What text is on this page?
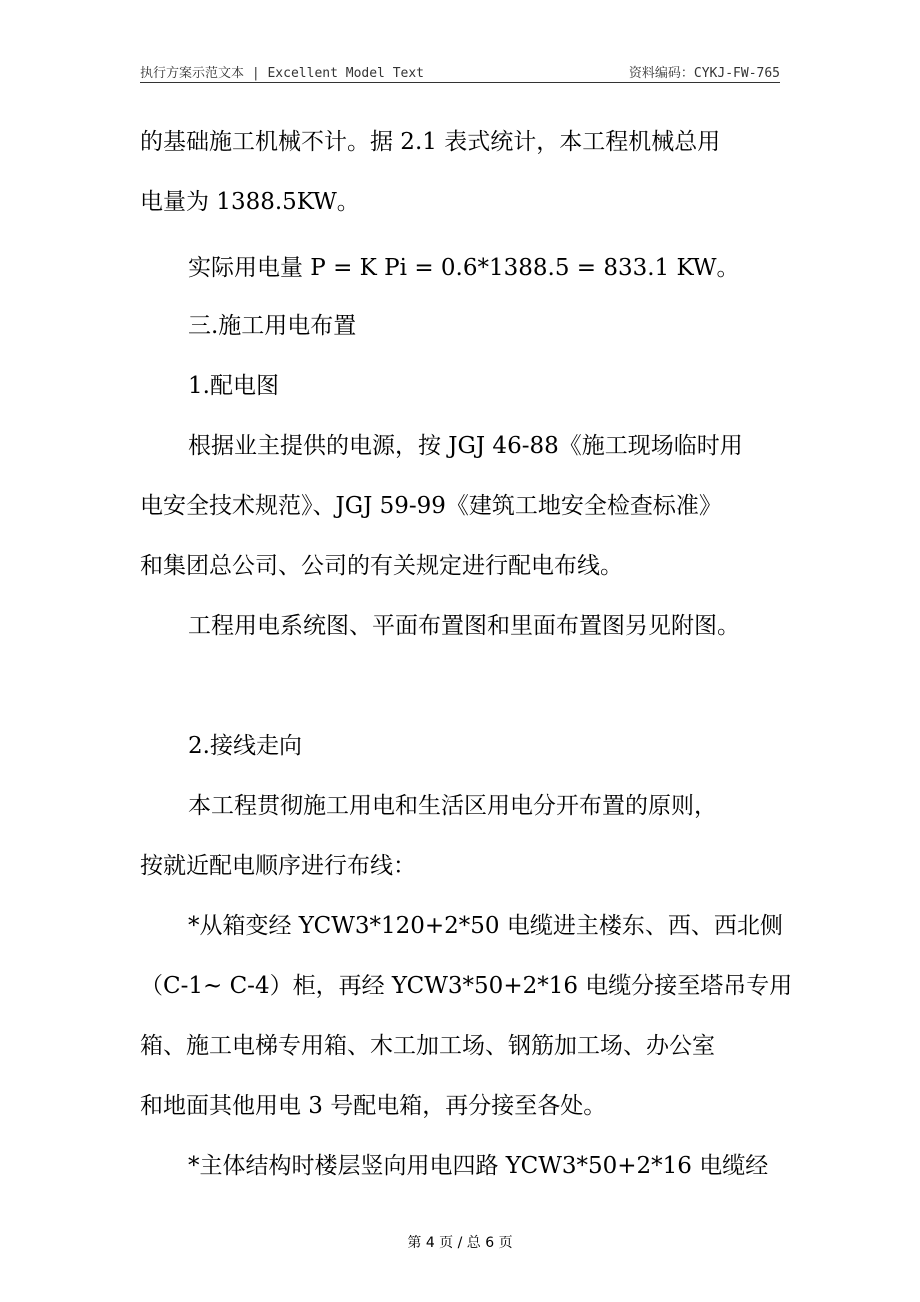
执行方案示范文本 | Excellent Model Text	资料编码：CYKJ-FW-765
的基础施工机械不计。据 2.1 表式统计，本工程机械总用
电量为 1388.5KW。
实际用电量 P = K Pi = 0.6*1388.5 = 833.1 KW。
三.施工用电布置
1.配电图
根据业主提供的电源，按 JGJ 46-88《施工现场临时用
电安全技术规范》、JGJ 59-99《建筑工地安全检查标准》
和集团总公司、公司的有关规定进行配电布线。
工程用电系统图、平面布置图和里面布置图另见附图。
2.接线走向
本工程贯彻施工用电和生活区用电分开布置的原则，
按就近配电顺序进行布线：
*从箱变经 YCW3*120+2*50 电缆进主楼东、西、西北侧
（C-1~ C-4）柜，再经 YCW3*50+2*16 电缆分接至塔吊专用
箱、施工电梯专用箱、木工加工场、钢筋加工场、办公室
和地面其他用电 3 号配电箱，再分接至各处。
*主体结构时楼层竖向用电四路 YCW3*50+2*16 电缆经
第 4 页 / 总 6 页
